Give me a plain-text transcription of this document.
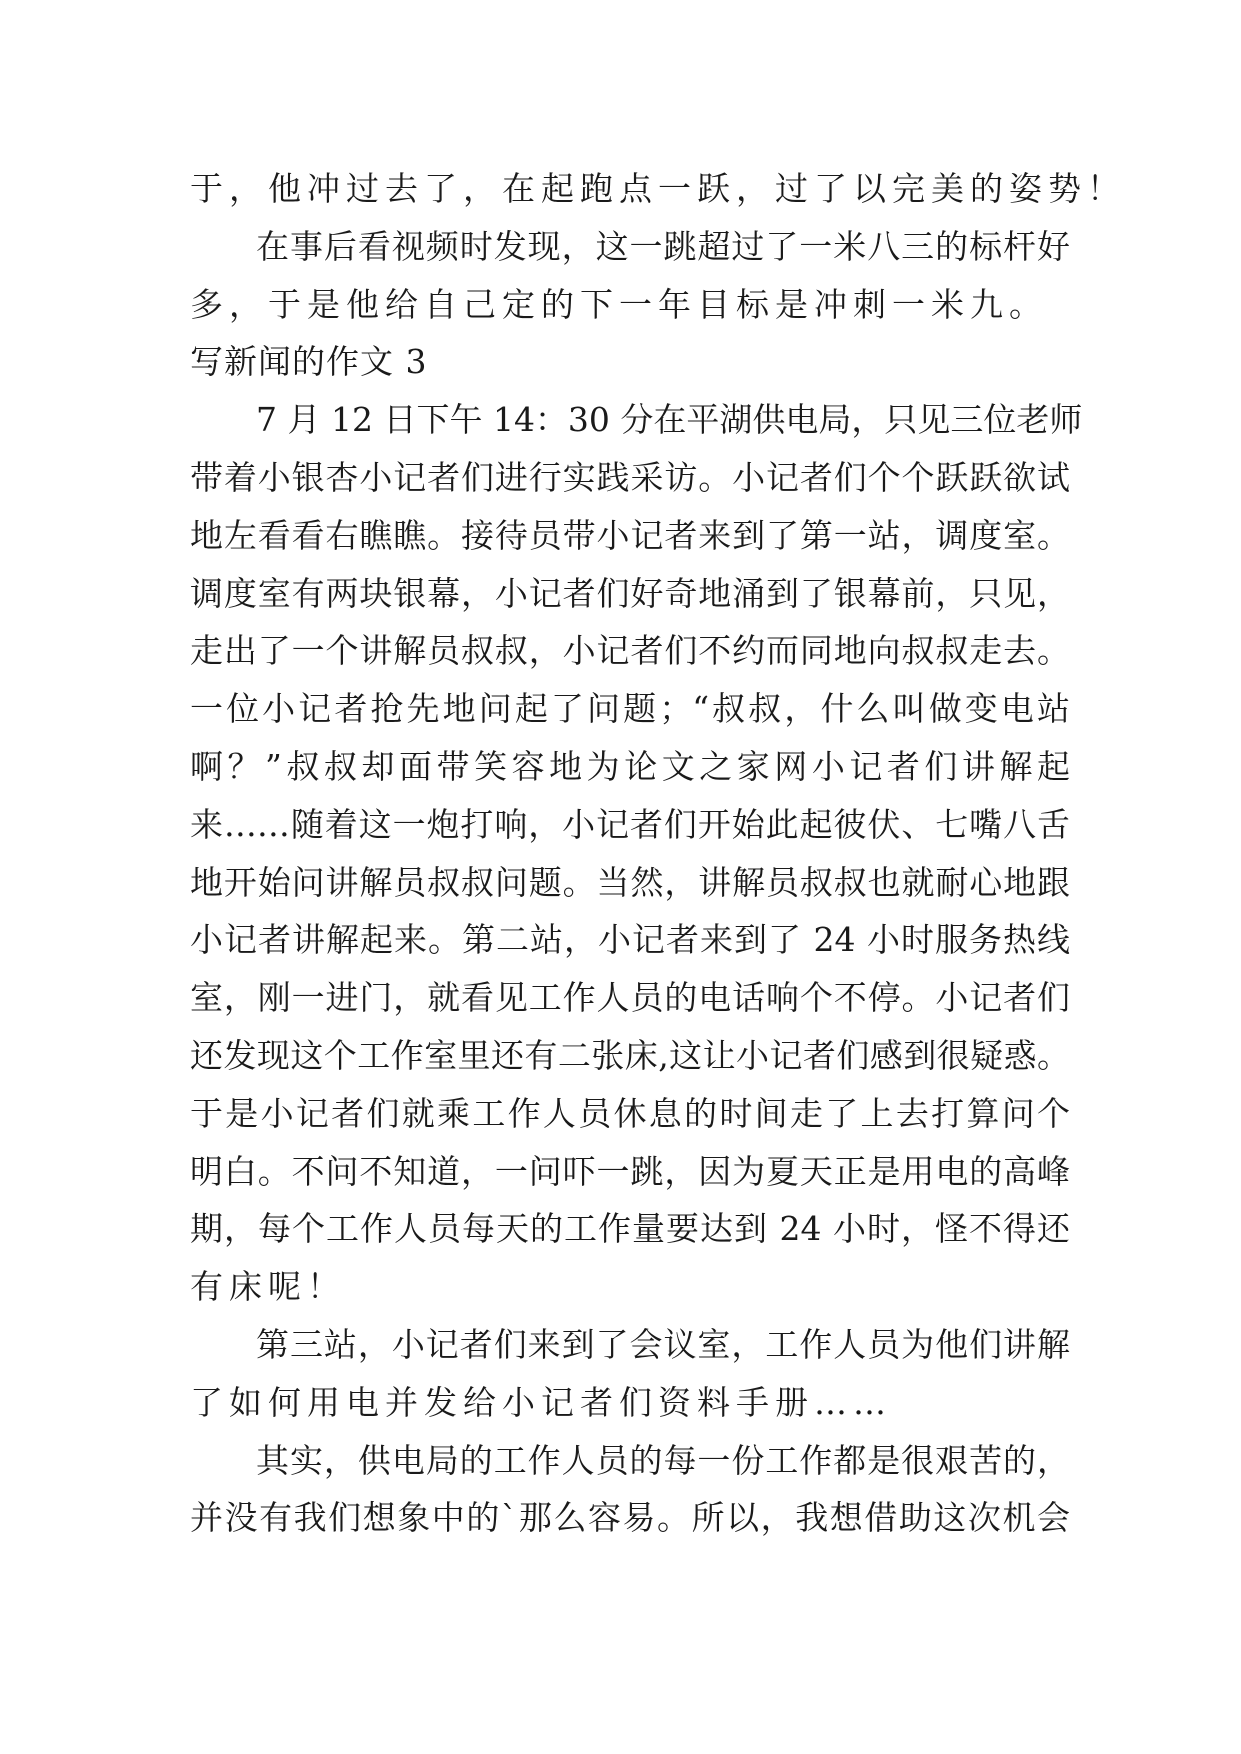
于，他冲过去了，在起跑点一跃，过了以完美的姿势！
在事后看视频时发现，这一跳超过了一米八三的标杆好
多，于是他给自己定的下一年目标是冲刺一米九。
写新闻的作文 3
7 月 12 日下午 14：30 分在平湖供电局，只见三位老师
带着小银杏小记者们进行实践采访。小记者们个个跃跃欲试
地左看看右瞧瞧。接待员带小记者来到了第一站，调度室。
调度室有两块银幕，小记者们好奇地涌到了银幕前，只见，
走出了一个讲解员叔叔，小记者们不约而同地向叔叔走去。
一位小记者抢先地问起了问题；“叔叔，什么叫做变电站
啊？”叔叔却面带笑容地为论文之家网小记者们讲解起
来……随着这一炮打响，小记者们开始此起彼伏、七嘴八舌
地开始问讲解员叔叔问题。当然，讲解员叔叔也就耐心地跟
小记者讲解起来。第二站，小记者来到了 24 小时服务热线
室，刚一进门，就看见工作人员的电话响个不停。小记者们
还发现这个工作室里还有二张床,这让小记者们感到很疑惑。
于是小记者们就乘工作人员休息的时间走了上去打算问个
明白。不问不知道，一问吓一跳，因为夏天正是用电的高峰
期，每个工作人员每天的工作量要达到 24 小时，怪不得还
有床呢！
第三站，小记者们来到了会议室，工作人员为他们讲解
了如何用电并发给小记者们资料手册……
其实，供电局的工作人员的每一份工作都是很艰苦的，
并没有我们想象中的`那么容易。所以，我想借助这次机会
